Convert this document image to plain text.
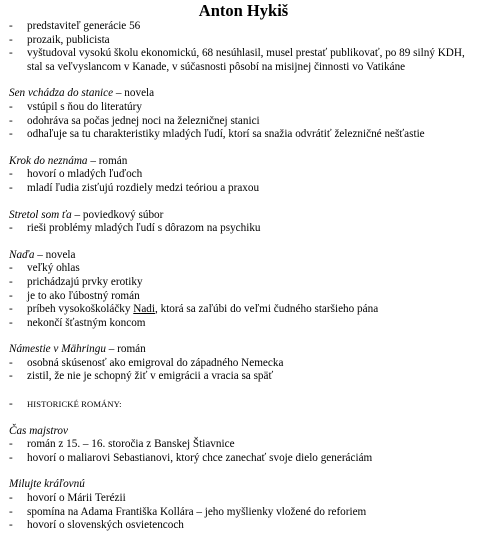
Anton Hykiš
- predstaviteľ generácie 56
- prozaik, publicista
- vyštudoval vysokú školu ekonomickú, 68 nesúhlasil, musel prestať publikovať, po 89 silný KDH, stal sa veľvyslancom v Kanade, v súčasnosti pôsobí na misijnej činnosti vo Vatikáne
Sen vchádza do stanice – novela
- vstúpil s ňou do literatúry
- odohráva sa počas jednej noci na železničnej stanici
- odhaľuje sa tu charakteristiky mladých ľudí, ktorí sa snažia odvrátiť železničné nešťastie
Krok do neznáma – román
- hovorí o mladých ľuďoch
- mladí ľudia zisťujú rozdiely medzi teóriou a praxou
Stretol som ťa – poviedkový súbor
- rieši problémy mladých ľudí s dôrazom na psychiku
Naďa – novela
- veľký ohlas
- prichádzajú prvky erotiky
- je to ako ľúbostný román
- príbeh vysokoškoláčky Nadi, ktorá sa zaľúbi do veľmi čudného staršieho pána
- nekončí šťastným koncom
Námestie v Mähringu – román
- osobná skúsenosť ako emigroval do západného Nemecka
- zistil, že nie je schopný žiť v emigrácii a vracia sa späť
- HISTORICKÉ ROMÁNY:
Čas majstrov
- román z 15. – 16. storočia z Banskej Štiavnice
- hovorí o maliarovi Sebastianovi, ktorý chce zanechať svoje dielo generáciám
Milujte kráľovnú
- hovorí o Márii Terézii
- spomína na Adama Františka Kollára – jeho myšlienky vložené do reforiem
- hovorí o slovenských osvietencoch
